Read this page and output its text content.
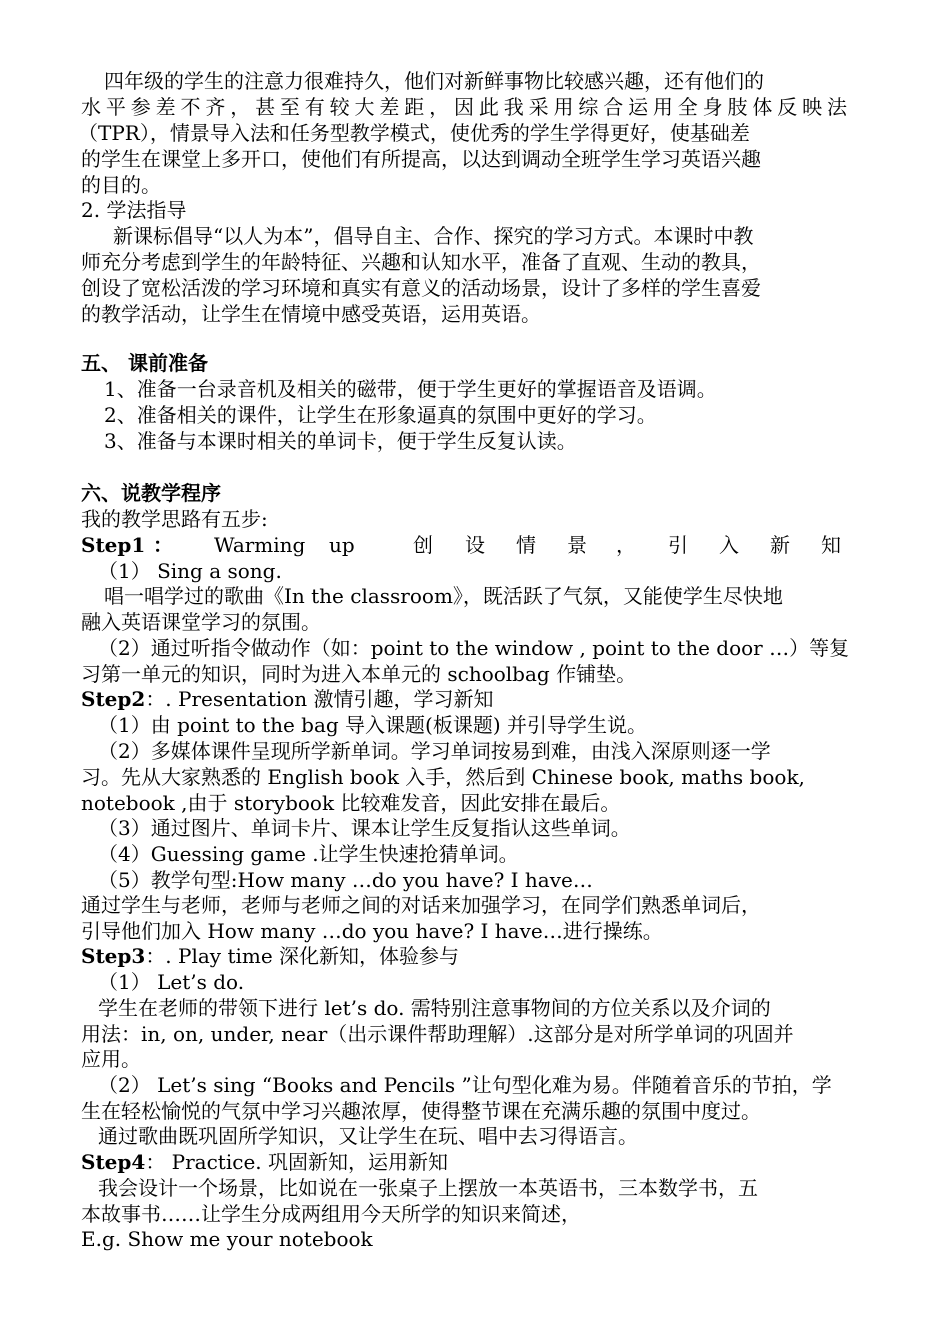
四年级的学生的注意力很难持久，他们对新鲜事物比较感兴趣，还有他们的
水平参差不齐，甚至有较大差距，因此我采用综合运用全身肢体反映法
（TPR），情景导入法和任务型教学模式，使优秀的学生学得更好，使基础差
的学生在课堂上多开口，使他们有所提高，以达到调动全班学生学习英语兴趣
的目的。
2. 学法指导
新课标倡导“以人为本”，倡导自主、合作、探究的学习方式。本课时中教
师充分考虑到学生的年龄特征、兴趣和认知水平，准备了直观、生动的教具，
创设了宽松活泼的学习环境和真实有意义的活动场景，设计了多样的学生喜爱
的教学活动，让学生在情境中感受英语，运用英语。
五、 课前准备
1、准备一台录音机及相关的磁带，便于学生更好的掌握语音及语调。
2、准备相关的课件，让学生在形象逼真的氛围中更好的学习。
3、准备与本课时相关的单词卡，便于学生反复认读。
六、说教学程序
我的教学思路有五步:
Step1 ： Warming up	创 设 情 景 ， 引 入 新 知
（1） Sing a song.
唱一唱学过的歌曲《In the classroom》，既活跃了气氛，又能使学生尽快地
融入英语课堂学习的氛围。
（2）通过听指令做动作（如：point to the window , point to the door …）等复
习第一单元的知识，同时为进入本单元的 schoolbag 作铺垫。
Step2：. Presentation 激情引趣，学习新知
（1）由 point to the bag 导入课题(板课题) 并引导学生说。
（2）多媒体课件呈现所学新单词。学习单词按易到难，由浅入深原则逐一学
习。先从大家熟悉的 English book 入手，然后到 Chinese book, maths book,
notebook ,由于 storybook 比较难发音，因此安排在最后。
（3）通过图片、单词卡片、课本让学生反复指认这些单词。
（4）Guessing game .让学生快速抢猜单词。
（5）教学句型:How many …do you have? I have…
通过学生与老师，老师与老师之间的对话来加强学习，在同学们熟悉单词后，
引导他们加入 How many …do you have? I have…进行操练。
Step3：. Play time 深化新知，体验参与
（1） Let’s do.
学生在老师的带领下进行 let’s do. 需特别注意事物间的方位关系以及介词的
用法：in, on, under, near（出示课件帮助理解）.这部分是对所学单词的巩固并
应用。
（2） Let’s sing “Books and Pencils ”让句型化难为易。伴随着音乐的节拍，学
生在轻松愉悦的气氛中学习兴趣浓厚，使得整节课在充满乐趣的氛围中度过。
通过歌曲既巩固所学知识，又让学生在玩、唱中去习得语言。
Step4： Practice. 巩固新知，运用新知
我会设计一个场景，比如说在一张桌子上摆放一本英语书，三本数学书，五
本故事书……让学生分成两组用今天所学的知识来简述，
E.g. Show me your notebook
